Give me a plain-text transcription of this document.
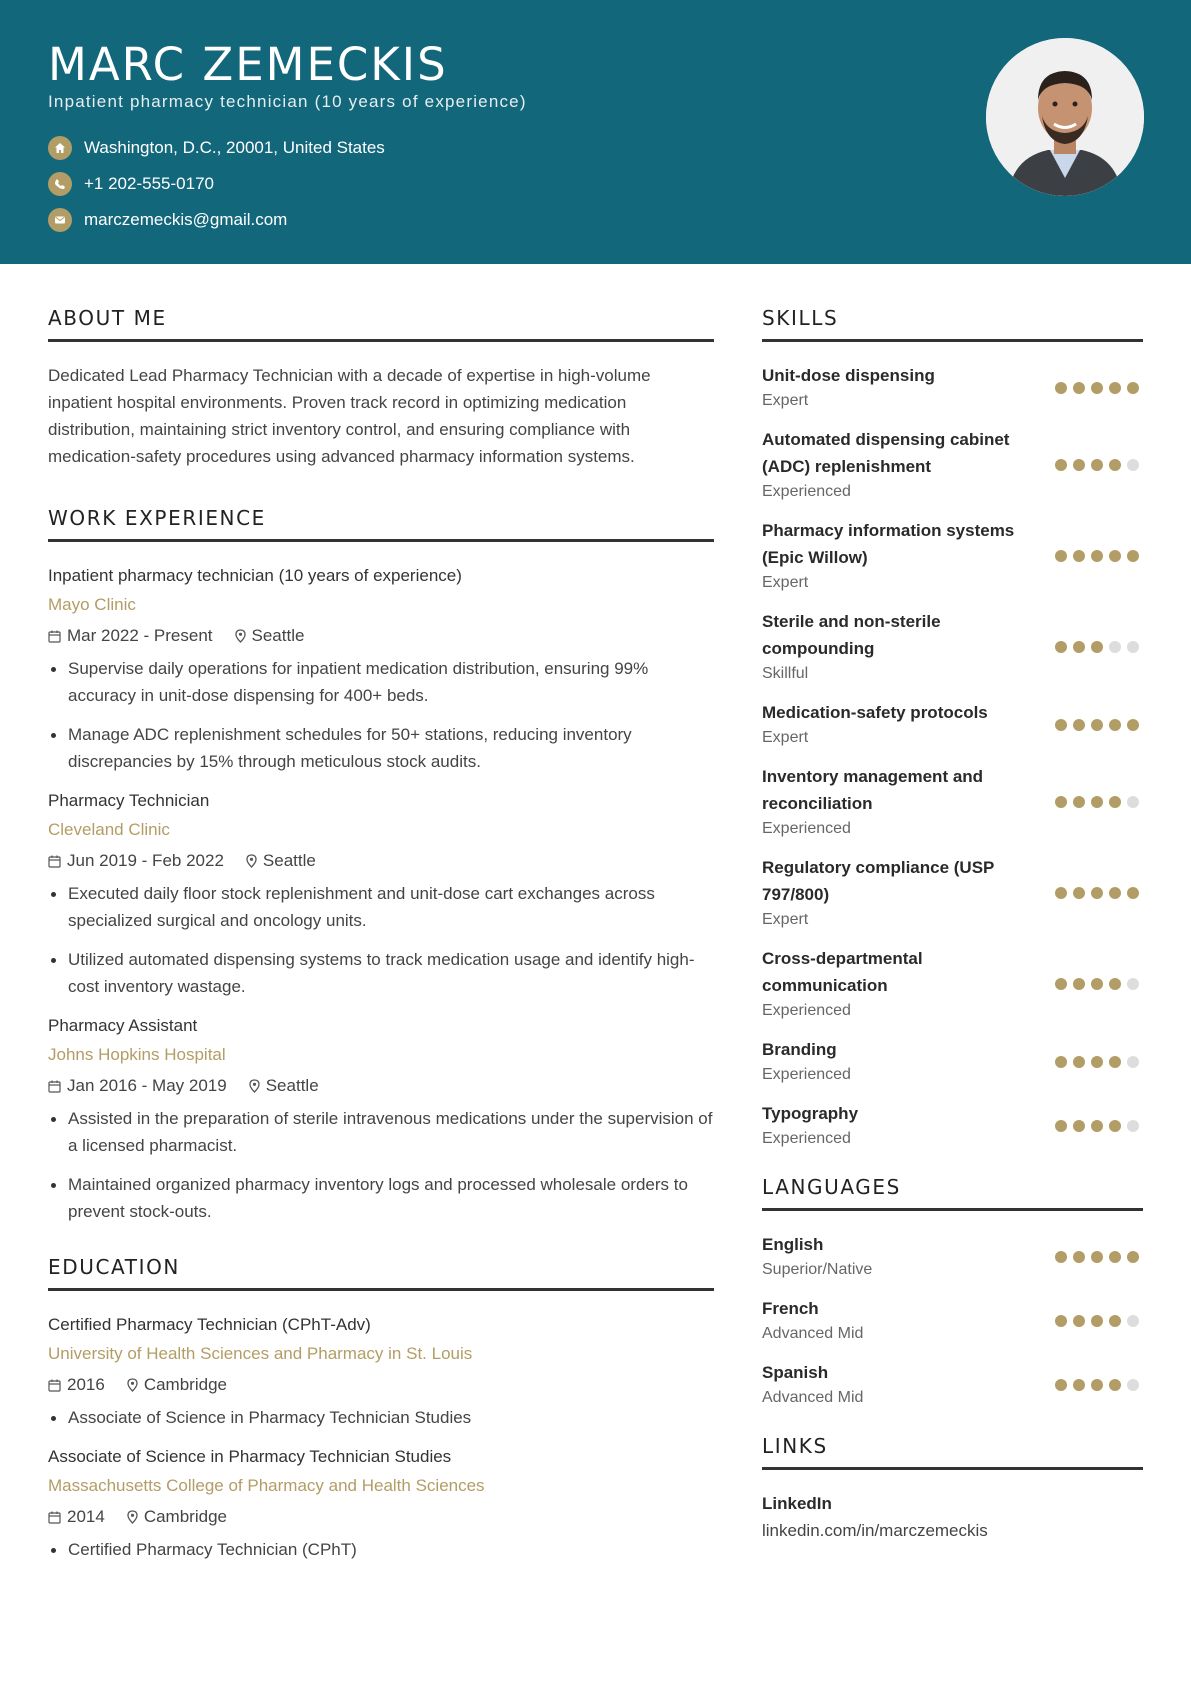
MARC ZEMECKIS
Inpatient pharmacy technician (10 years of experience)
Washington, D.C., 20001, United States
+1 202-555-0170
marczemeckis@gmail.com
ABOUT ME
Dedicated Lead Pharmacy Technician with a decade of expertise in high-volume inpatient hospital environments. Proven track record in optimizing medication distribution, maintaining strict inventory control, and ensuring compliance with medication-safety procedures using advanced pharmacy information systems.
WORK EXPERIENCE
Inpatient pharmacy technician (10 years of experience)
Mayo Clinic
Mar 2022 - Present Seattle
Supervise daily operations for inpatient medication distribution, ensuring 99% accuracy in unit-dose dispensing for 400+ beds.
Manage ADC replenishment schedules for 50+ stations, reducing inventory discrepancies by 15% through meticulous stock audits.
Pharmacy Technician
Cleveland Clinic
Jun 2019 - Feb 2022 Seattle
Executed daily floor stock replenishment and unit-dose cart exchanges across specialized surgical and oncology units.
Utilized automated dispensing systems to track medication usage and identify high-cost inventory wastage.
Pharmacy Assistant
Johns Hopkins Hospital
Jan 2016 - May 2019 Seattle
Assisted in the preparation of sterile intravenous medications under the supervision of a licensed pharmacist.
Maintained organized pharmacy inventory logs and processed wholesale orders to prevent stock-outs.
EDUCATION
Certified Pharmacy Technician (CPhT-Adv)
University of Health Sciences and Pharmacy in St. Louis
2016 Cambridge
Associate of Science in Pharmacy Technician Studies
Associate of Science in Pharmacy Technician Studies
Massachusetts College of Pharmacy and Health Sciences
2014 Cambridge
Certified Pharmacy Technician (CPhT)
SKILLS
Unit-dose dispensing
Expert
Automated dispensing cabinet (ADC) replenishment
Experienced
Pharmacy information systems (Epic Willow)
Expert
Sterile and non-sterile compounding
Skillful
Medication-safety protocols
Expert
Inventory management and reconciliation
Experienced
Regulatory compliance (USP 797/800)
Expert
Cross-departmental communication
Experienced
Branding
Experienced
Typography
Experienced
LANGUAGES
English
Superior/Native
French
Advanced Mid
Spanish
Advanced Mid
LINKS
LinkedIn
linkedin.com/in/marczemeckis
